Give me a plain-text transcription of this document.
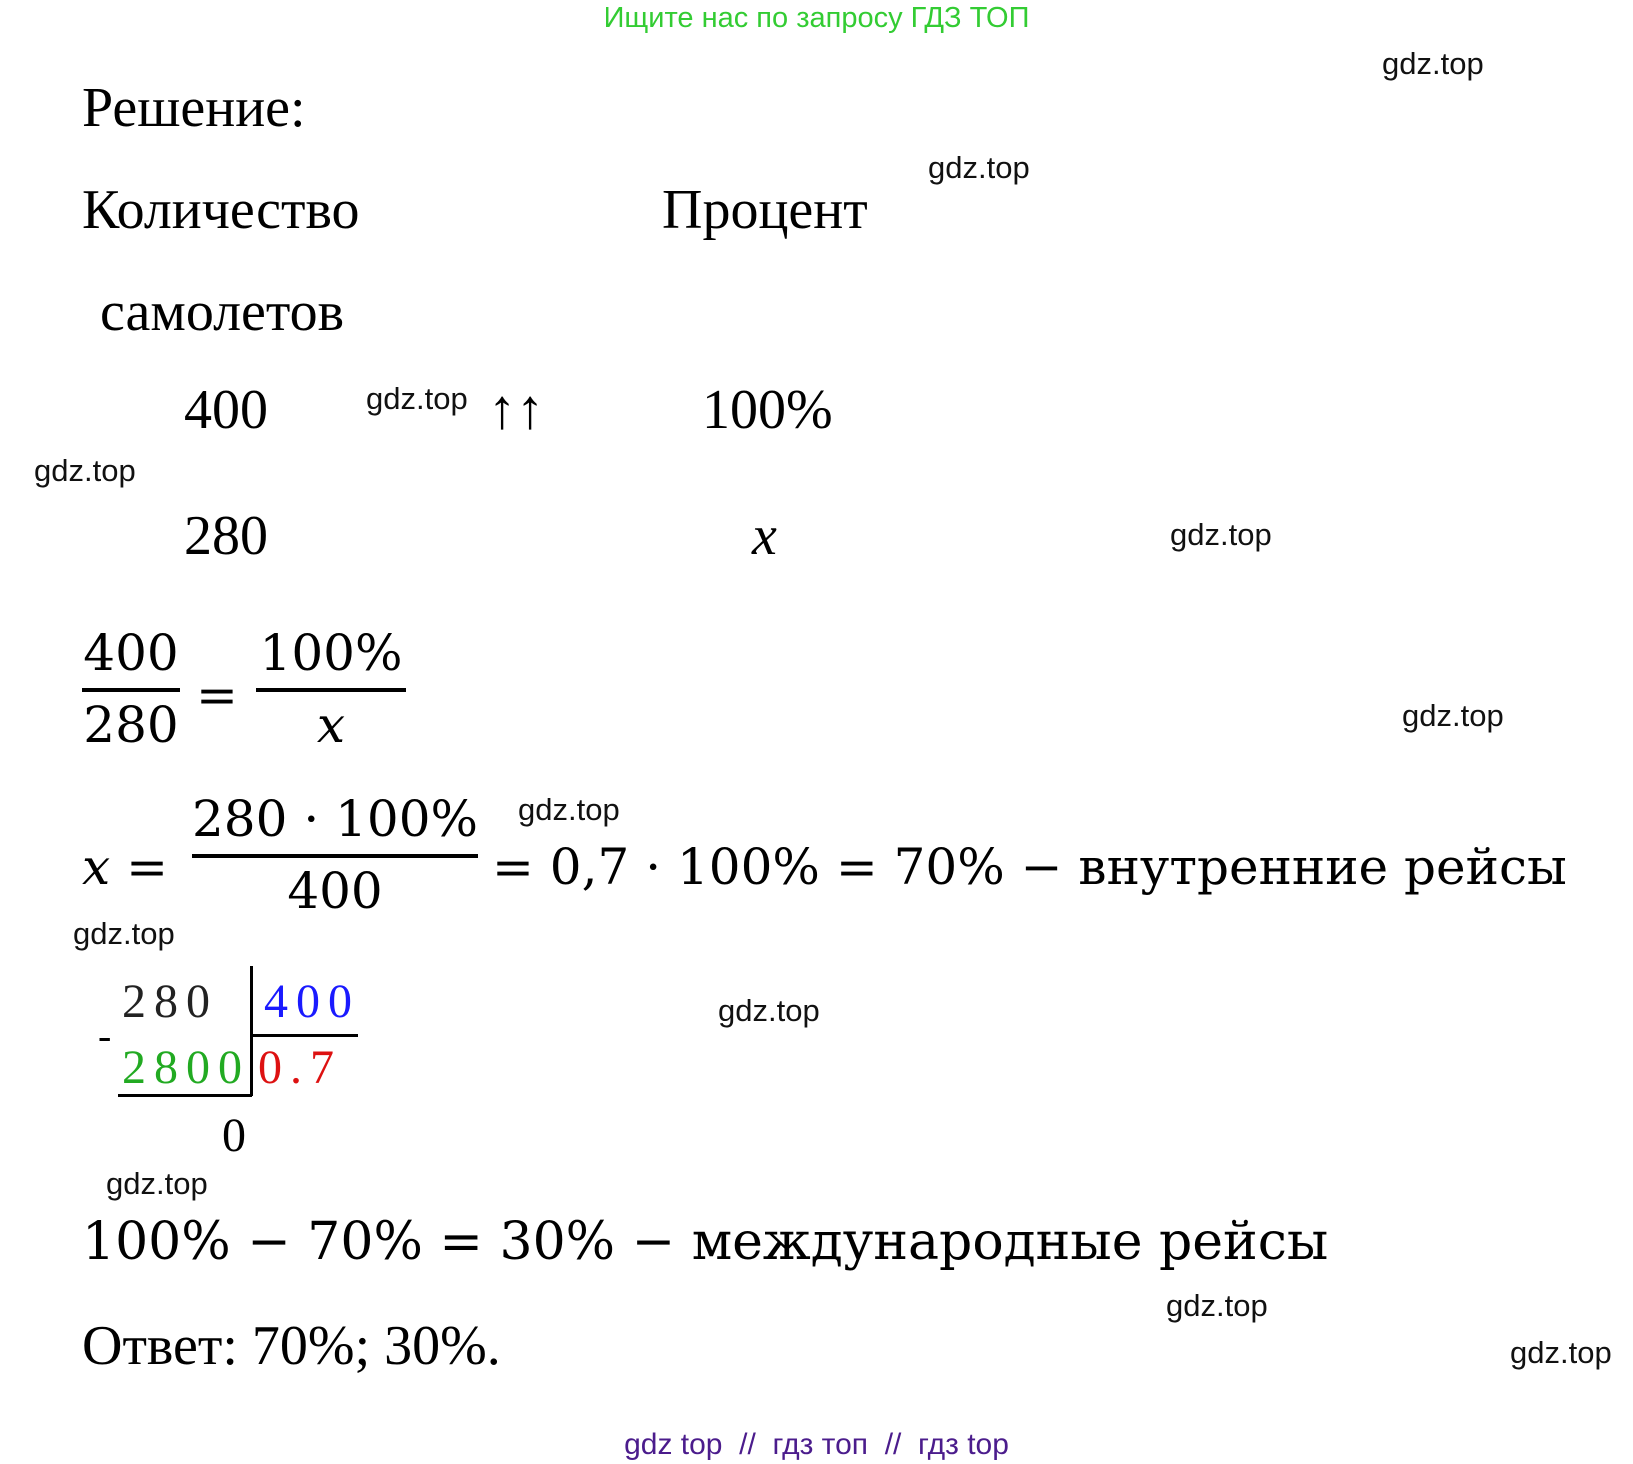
Ищите нас по запросу ГДЗ ТОП
gdz.top
gdz.top
gdz.top
gdz.top
gdz.top
gdz.top
gdz.top
gdz.top
gdz.top
gdz.top
gdz.top
gdz.top
Решение:
Количество	Процент
самолетов
400	↑↑	100%
280	x
400
280
=
100%
x
x =
280 · 100%
400 = 0,7 · 100% = 70% − внутренние рейсы
280 400
-
2800 0.7
0
100% − 70% = 30% − международные рейсы
Ответ: 70%; 30%.
gdz top  //  гдз топ  //  гдз top
